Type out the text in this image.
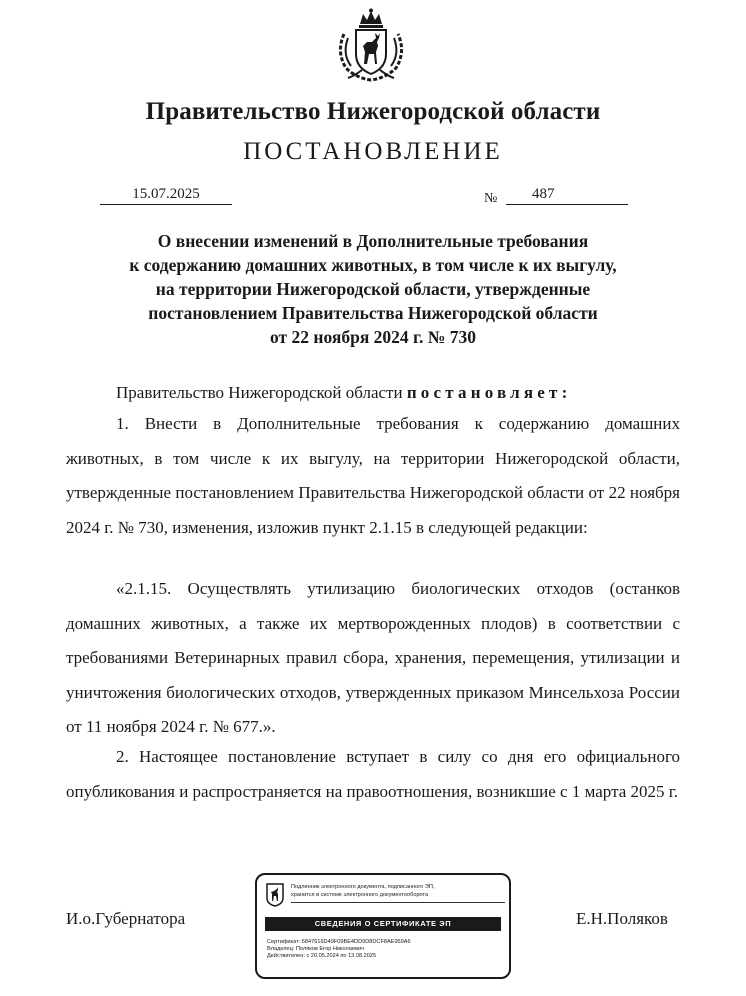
Правительство Нижегородской области
ПОСТАНОВЛЕНИЕ
15.07.2025	№	487
О внесении изменений в Дополнительные требования
к содержанию домашних животных, в том числе к их выгулу,
на территории Нижегородской области, утвержденные
постановлением Правительства Нижегородской области
от 22 ноября 2024 г. № 730
Правительство Нижегородской области постановляет:

1. Внести в Дополнительные требования к содержанию домашних животных, в том числе к их выгулу, на территории Нижегородской области, утвержденные постановлением Правительства Нижегородской области от 22 ноября 2024 г. № 730, изменения, изложив пункт 2.1.15 в следующей редакции:

«2.1.15. Осуществлять утилизацию биологических отходов (останков домашних животных, а также их мертворожденных плодов) в соответствии с требованиями Ветеринарных правил сбора, хранения, перемещения, утилизации и уничтожения биологических отходов, утвержденных приказом Минсельхоза России от 11 ноября 2024 г. № 677.».

2. Настоящее постановление вступает в силу со дня его официального опубликования и распространяется на правоотношения, возникшие с 1 марта 2025 г.

И.о.Губернатора	Е.Н.Поляков
Подлинник электронного документа, подписанного ЭП,
хранится в системе электронного документооборота
СВЕДЕНИЯ О СЕРТИФИКАТЕ ЭП
Сертификат: 5847616D49F09BE4DD9D8DCF8AE959A6
Владелец: Поляков Егор Николаевич
Действителен: с 20.05.2024 по 13.08.2025
